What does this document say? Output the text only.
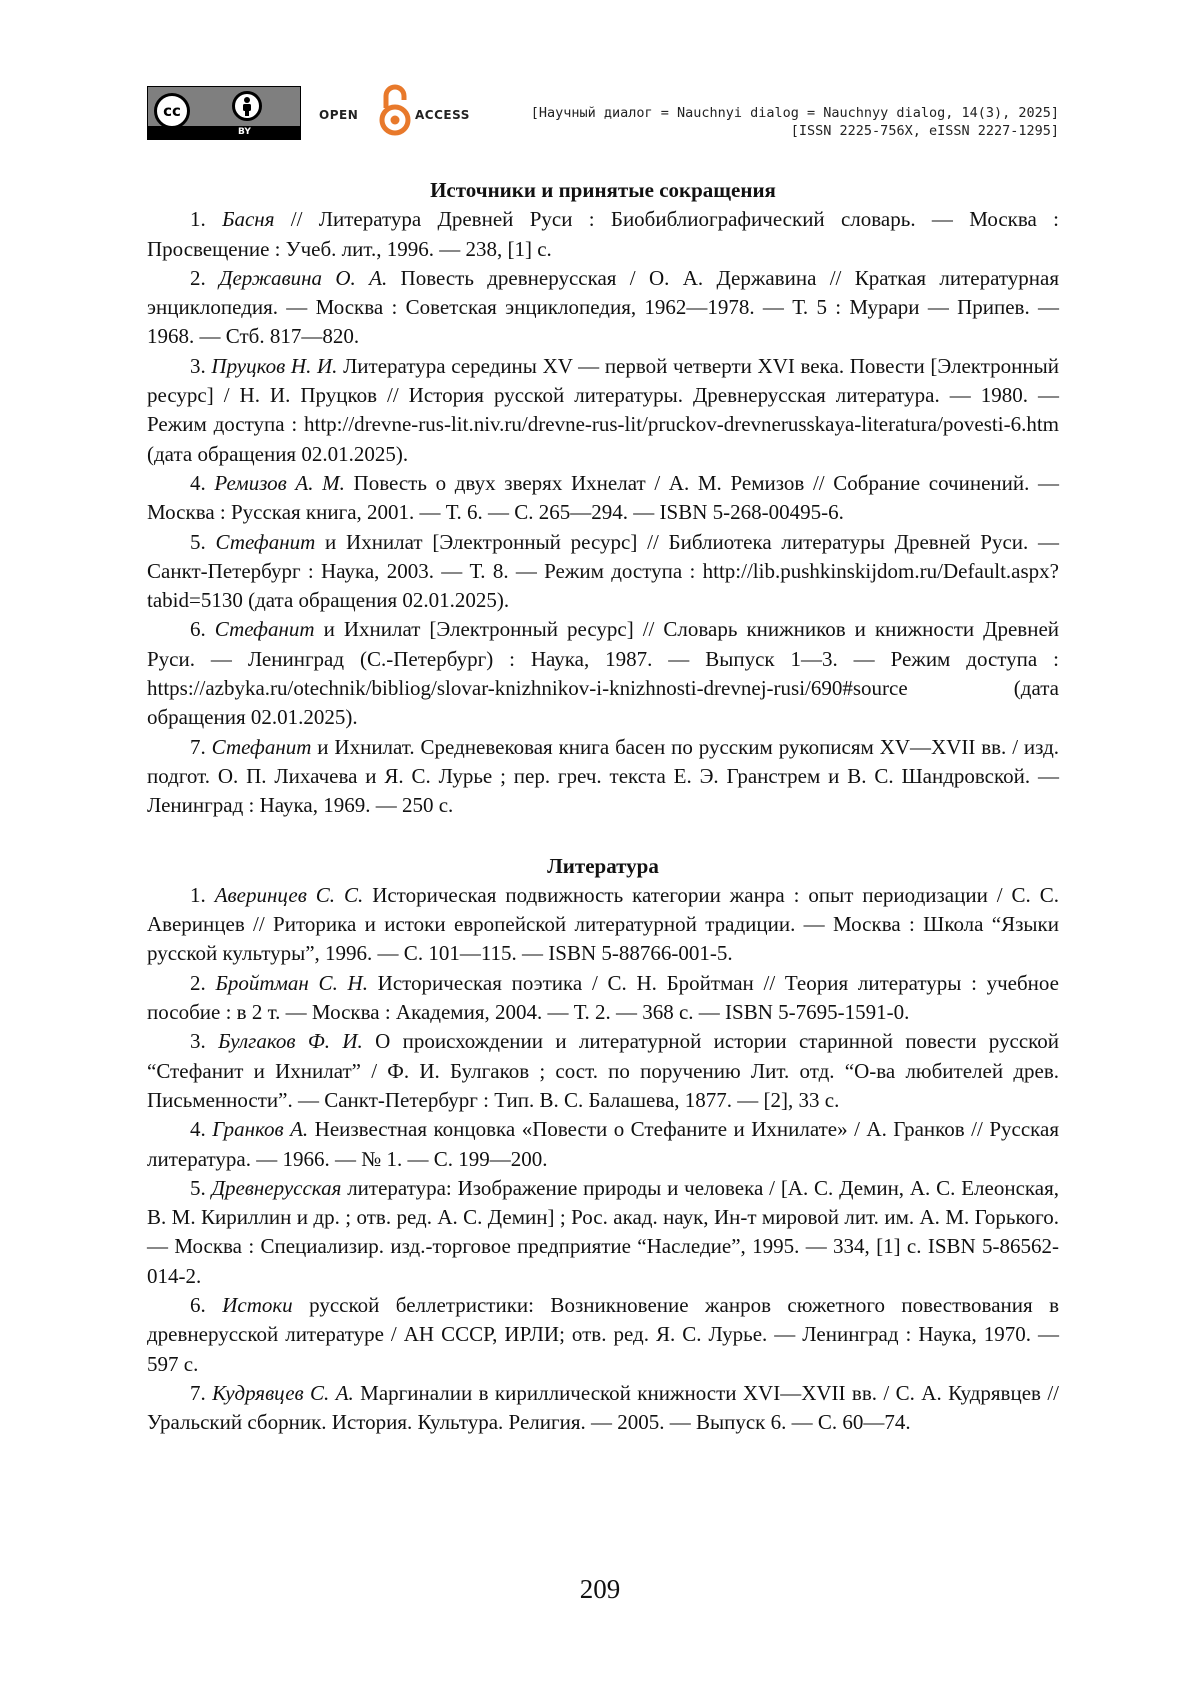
cc
BY
OPEN	ACCESS	[Научный диалог = Nauchnyi dialog = Nauchnyy dialog, 14(3), 2025]
[ISSN 2225-756X, eISSN 2227-1295]

Источники и принятые сокращения

1. Басня // Литература Древней Руси : Биобиблиографический словарь. — Москва : Просвещение : Учеб. лит., 1996. — 238, [1] с.

2. Державина О. А. Повесть древнерусская / О. А. Державина // Краткая литературная энциклопедия. — Москва : Советская энциклопедия, 1962—1978. — Т. 5 : Мурари — Припев. — 1968. — Стб. 817—820.

3. Пруцков Н. И. Литература середины XV — первой четверти XVI века. Повести [Электронный ресурс] / Н. И. Пруцков // История русской литературы. Древнерусская литература. — 1980. — Режим доступа : http://drevne-rus-lit.niv.ru/drevne-rus-lit/pruckov-drevnerusskaya-literatura/povesti-6.htm (дата обращения 02.01.2025).

4. Ремизов А. М. Повесть о двух зверях Ихнелат / А. М. Ремизов // Собрание сочинений. — Москва : Русская книга, 2001. — Т. 6. — С. 265—294. — ISBN 5-268-00495-6.

5. Стефанит и Ихнилат [Электронный ресурс] // Библиотека литературы Древней Руси. — Санкт-Петербург : Наука, 2003. — Т. 8. — Режим доступа : http://lib.pushkinskijdom.ru/Default.aspx?tabid=5130 (дата обращения 02.01.2025).

6. Стефанит и Ихнилат [Электронный ресурс] // Словарь книжников и книжности Древней Руси. — Ленинград (С.-Петербург) : Наука, 1987. — Выпуск 1—3. — Режим доступа : https://azbyka.ru/otechnik/bibliog/slovar-knizhnikov-i-knizhnosti-drevnej-rusi/690#source (дата обращения 02.01.2025).

7. Стефанит и Ихнилат. Средневековая книга басен по русским рукописям XV—XVII вв. / изд. подгот. О. П. Лихачева и Я. С. Лурье ; пер. греч. текста Е. Э. Гранстрем и В. С. Шандровской. — Ленинград : Наука, 1969. — 250 с.

Литература

1. Аверинцев С. С. Историческая подвижность категории жанра : опыт периодизации / С. С. Аверинцев // Риторика и истоки европейской литературной традиции. — Москва : Школа “Языки русской культуры”, 1996. — С. 101—115. — ISBN 5-88766-001-5.

2. Бройтман С. Н. Историческая поэтика / С. Н. Бройтман // Теория литературы : учебное пособие : в 2 т. — Москва : Академия, 2004. — Т. 2. — 368 с. — ISBN 5-7695-1591-0.

3. Булгаков Ф. И. О происхождении и литературной истории старинной повести русской “Стефанит и Ихнилат” / Ф. И. Булгаков ; сост. по поручению Лит. отд. “О-ва любителей древ. Письменности”. — Санкт-Петербург : Тип. В. С. Балашева, 1877. — [2], 33 с.

4. Гранков А. Неизвестная концовка «Повести о Стефаните и Ихнилате» / А. Гранков // Русская литература. — 1966. — № 1. — С. 199—200.

5. Древнерусская литература: Изображение природы и человека / [А. С. Демин, А. С. Елеонская, В. М. Кириллин и др. ; отв. ред. А. С. Демин] ; Рос. акад. наук, Ин-т мировой лит. им. А. М. Горького. — Москва : Специализир. изд.-торговое предприятие “Наследие”, 1995. — 334, [1] с. ISBN 5-86562-014-2.

6. Истоки русской беллетристики: Возникновение жанров сюжетного повествования в древнерусской литературе / АН СССР, ИРЛИ; отв. ред. Я. С. Лурье. — Ленинград : Наука, 1970. — 597 с.

7. Кудрявцев С. А. Маргиналии в кириллической книжности XVI—XVII вв. / С. А. Кудрявцев // Уральский сборник. История. Культура. Религия. — 2005. — Выпуск 6. — С. 60—74.

209
